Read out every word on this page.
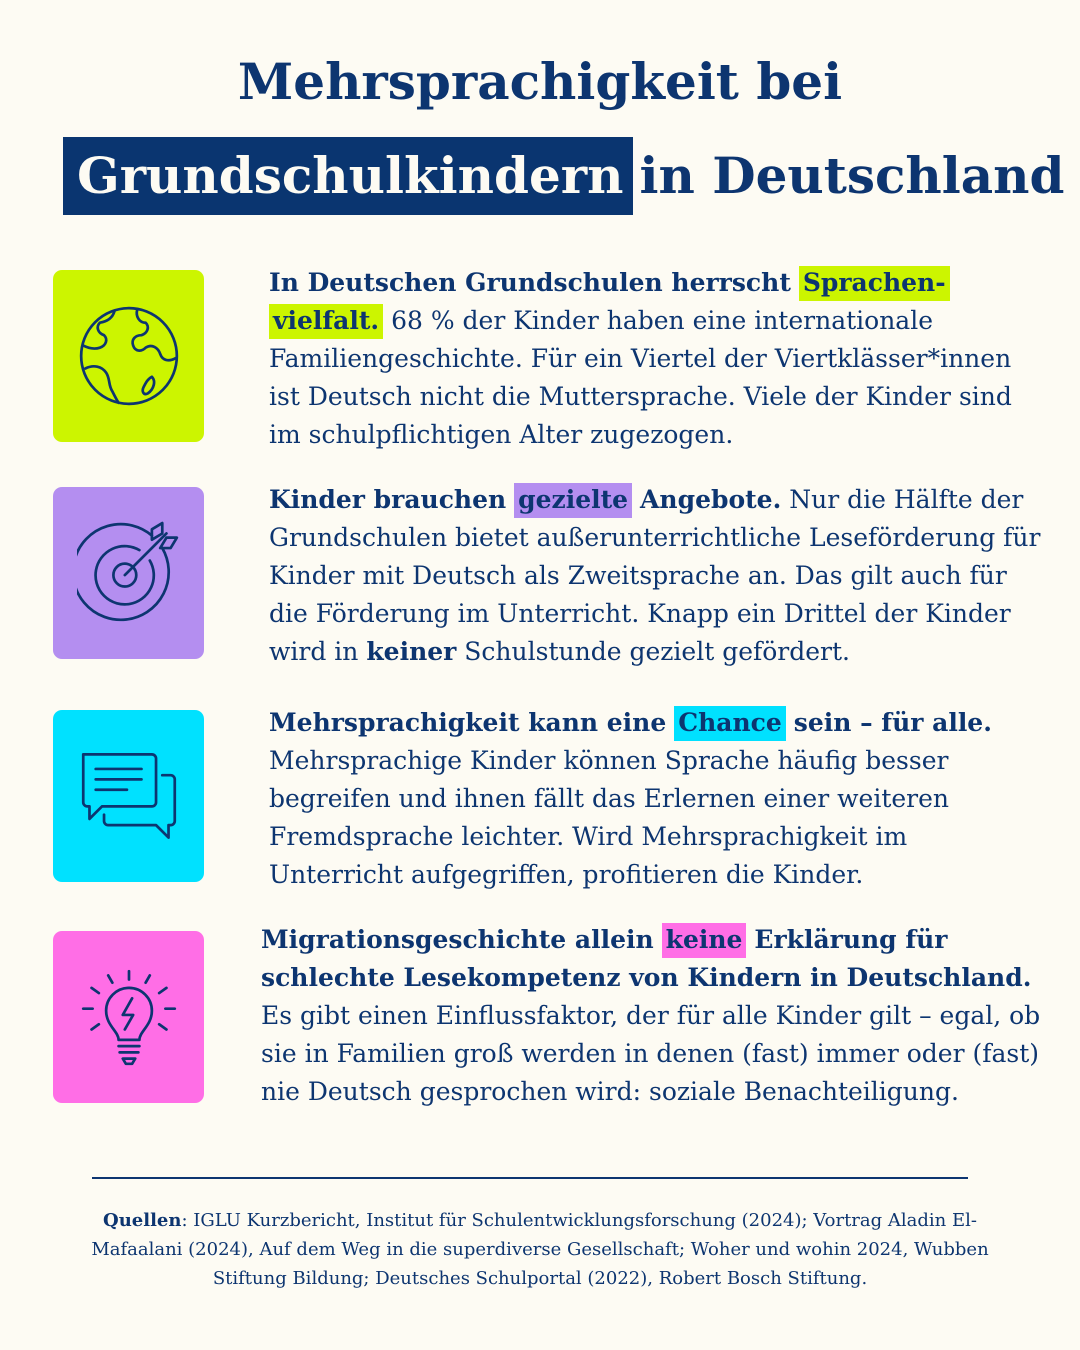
Mehrsprachigkeit bei
Grundschulkindern in Deutschland
In Deutschen Grundschulen herrscht Sprachen-
vielfalt. 68 % der Kinder haben eine internationale Familiengeschichte. Für ein Viertel der Viertklässer*innen ist Deutsch nicht die Muttersprache. Viele der Kinder sind im schulpflichtigen Alter zugezogen.
Kinder brauchen gezielte Angebote. Nur die Hälfte der Grundschulen bietet außerunterrichtliche Leseförderung für Kinder mit Deutsch als Zweitsprache an. Das gilt auch für die Förderung im Unterricht. Knapp ein Drittel der Kinder wird in keiner Schulstunde gezielt gefördert.
Mehrsprachigkeit kann eine Chance sein – für alle.
Mehrsprachige Kinder können Sprache häufig besser begreifen und ihnen fällt das Erlernen einer weiteren Fremdsprache leichter. Wird Mehrsprachigkeit im Unterricht aufgegriffen, profitieren die Kinder.
Migrationsgeschichte allein keine Erklärung für schlechte Lesekompetenz von Kindern in Deutschland. Es gibt einen Einflussfaktor, der für alle Kinder gilt – egal, ob sie in Familien groß werden in denen (fast) immer oder (fast) nie Deutsch gesprochen wird: soziale Benachteiligung.
Quellen: IGLU Kurzbericht, Institut für Schulentwicklungsforschung (2024); Vortrag Aladin El-Mafaalani (2024), Auf dem Weg in die superdiverse Gesellschaft; Woher und wohin 2024, Wubben Stiftung Bildung; Deutsches Schulportal (2022), Robert Bosch Stiftung.
